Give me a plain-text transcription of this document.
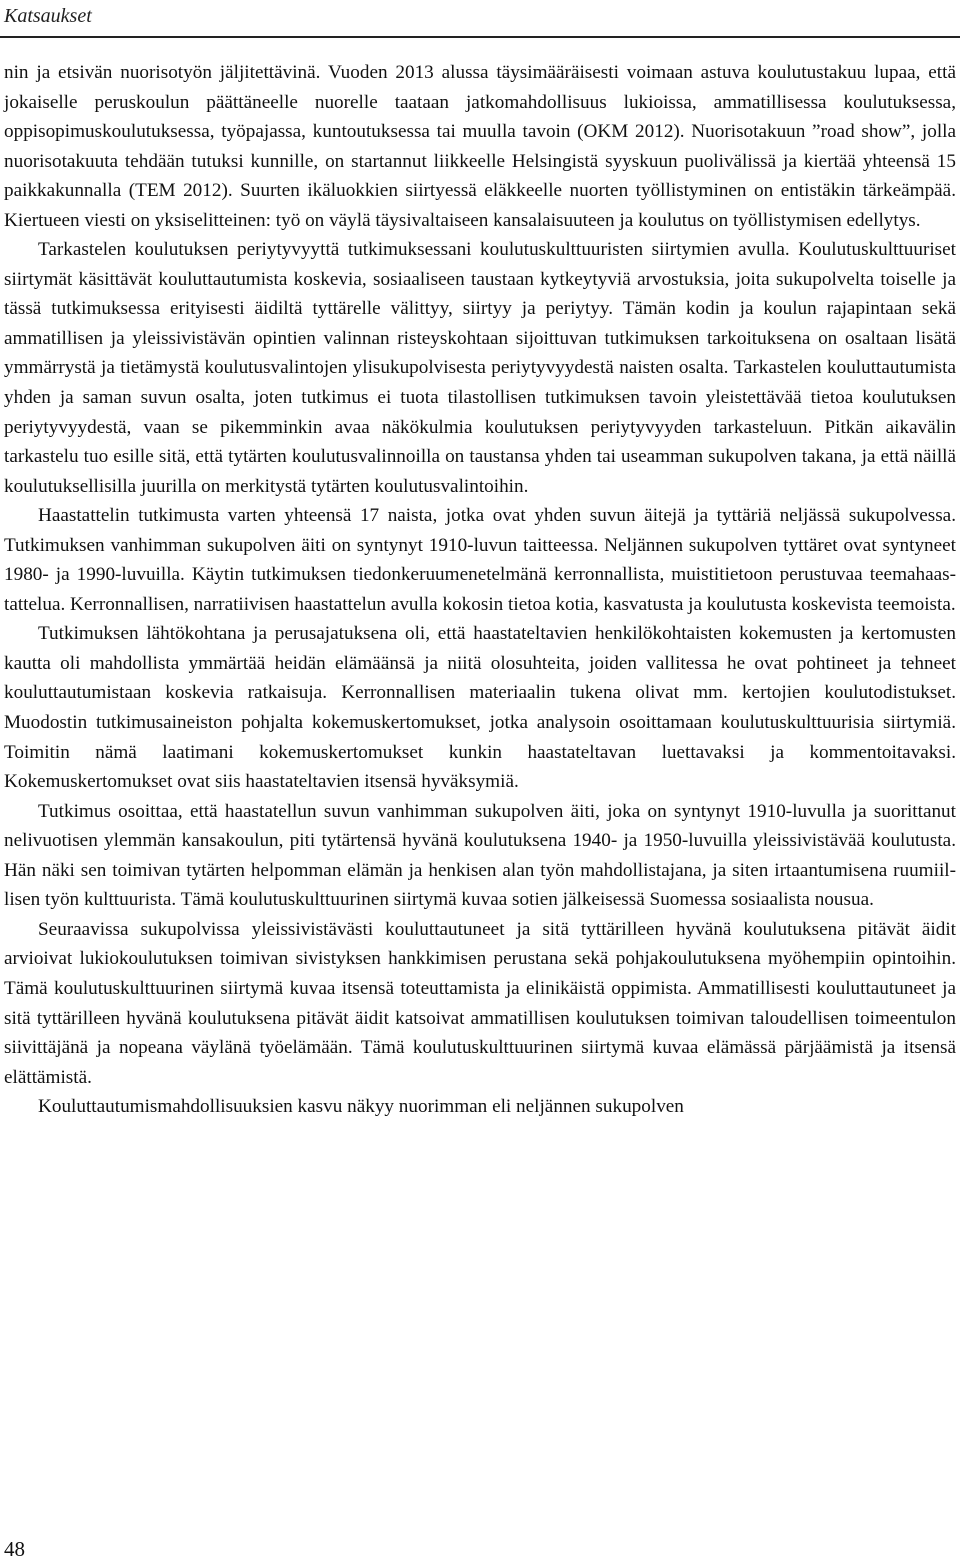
Katsaukset

nin ja etsivän nuorisotyön jäljitettävinä. Vuoden 2013 alussa täysimääräisesti voimaan astuva koulutustakuu lupaa, että jokaiselle peruskoulun päättäneelle nuorelle taataan jatkomahdollisuus lukioissa, ammatillisessa koulutuksessa, oppisopimuskoulutuksessa, työpajassa, kuntoutuksessa tai muulla tavoin (OKM 2012). Nuorisotakuun ”road show”, jolla nuorisotakuuta tehdään tutuksi kunnille, on startannut liikkeelle Helsingistä syyskuun puolivälissä ja kiertää yhteensä 15 paikkakunnalla (TEM 2012). Suurten ikäluokkien siirtyessä eläkkeelle nuorten työllistyminen on entistäkin tärkeämpää. Kiertueen viesti on yksiselitteinen: työ on väylä täysivaltaiseen kansalaisuuteen ja koulutus on työllistymisen edellytys.

Tarkastelen koulutuksen periytyvyyttä tutkimuksessani koulutuskulttuuristen siirtymien avulla. Koulutuskulttuuriset siirtymät käsittävät kouluttautumista koskevia, sosiaaliseen taustaan kytkeytyviä arvostuksia, joita sukupolvelta toiselle ja tässä tutkimuksessa erityisesti äidiltä tyttärelle välittyy, siirtyy ja periytyy. Tämän kodin ja koulun rajapintaan sekä ammatillisen ja yleissivistävän opintien valinnan risteyskohtaan sijoittuvan tutkimuksen tarkoituksena on osaltaan lisätä ymmärrystä ja tietämystä koulutusvalintojen ylisukupolvisesta periytyvyydestä naisten osalta. Tarkastelen kouluttautumista yhden ja saman suvun osalta, joten tutkimus ei tuota tilastollisen tutkimuksen tavoin yleistettävää tietoa koulutuksen periytyvyydestä, vaan se pikemminkin avaa näkökulmia koulutuksen periytyvyyden tarkasteluun. Pitkän aikavälin tarkastelu tuo esille sitä, että tytärten koulutusvalinnoilla on taustansa yhden tai useamman sukupolven takana, ja että näillä koulutuksellisilla juurilla on merkitystä tytärten koulutusvalintoihin.

Haastattelin tutkimusta varten yhteensä 17 naista, jotka ovat yhden suvun äitejä ja tyttäriä neljässä sukupolvessa. Tutkimuksen vanhimman sukupolven äiti on syntynyt 1910-luvun taitteessa. Neljännen sukupolven tyttäret ovat syntyneet 1980- ja 1990-luvuilla. Käytin tutkimuksen tiedonkeruumenetelmänä kerronnallista, muistitietoon perustuvaa teemahaastattelua. Kerronnallisen, narratiivisen haastattelun avulla kokosin tietoa kotia, kasvatusta ja koulutusta koskevista teemoista.

Tutkimuksen lähtökohtana ja perusajatuksena oli, että haastateltavien henkilökohtaisten kokemusten ja kertomusten kautta oli mahdollista ymmärtää heidän elämäänsä ja niitä olosuhteita, joiden vallitessa he ovat pohtineet ja tehneet kouluttautumistaan koskevia ratkaisuja. Kerronnallisen materiaalin tukena olivat mm. kertojien koulutodistukset. Muodostin tutkimusaineiston pohjalta kokemuskertomukset, jotka analysoin osoittamaan koulutuskulttuurisia siirtymiä. Toimitin nämä laatimani kokemuskertomukset kunkin haastateltavan luettavaksi ja kommentoitavaksi. Kokemuskertomukset ovat siis haastateltavien itsensä hyväksymiä.

Tutkimus osoittaa, että haastatellun suvun vanhimman sukupolven äiti, joka on syntynyt 1910-luvulla ja suorittanut nelivuotisen ylemmän kansakoulun, piti tytärtensä hyvänä koulutuksena 1940- ja 1950-luvuilla yleissivistävää koulutusta. Hän näki sen toimivan tytärten helpomman elämän ja henkisen alan työn mahdollistajana, ja siten irtaantumisena ruumiillisen työn kulttuurista. Tämä koulutuskulttuurinen siirtymä kuvaa sotien jälkeisessä Suomessa sosiaalista nousua.

Seuraavissa sukupolvissa yleissivistävästi kouluttautuneet ja sitä tyttärilleen hyvänä koulutuksena pitävät äidit arvioivat lukiokoulutuksen toimivan sivistyksen hankkimisen perustana sekä pohjakoulutuksena myöhempiin opintoihin. Tämä koulutuskulttuurinen siirtymä kuvaa itsensä toteuttamista ja elinikäistä oppimista. Ammatillisesti kouluttautuneet ja sitä tyttärilleen hyvänä koulutuksena pitävät äidit katsoivat ammatillisen koulutuksen toimivan taloudellisen toimeentulon siivittäjänä ja nopeana väylänä työelämään. Tämä koulutuskulttuurinen siirtymä kuvaa elämässä pärjäämistä ja itsensä elättämistä.

Kouluttautumismahdollisuuksien kasvu näkyy nuorimman eli neljännen sukupolven

48
